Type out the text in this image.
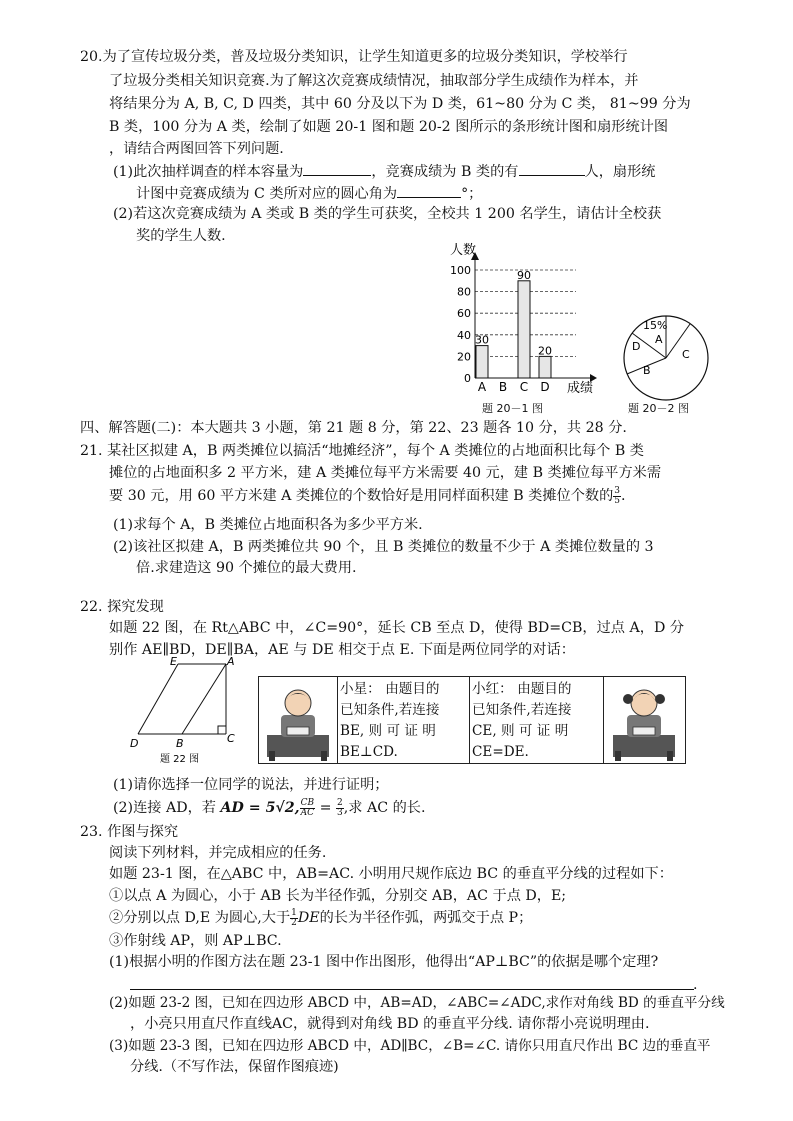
20.为了宣传垃圾分类，普及垃圾分类知识，让学生知道更多的垃圾分类知识，学校举行
了垃圾分类相关知识竞赛.为了解这次竞赛成绩情况，抽取部分学生成绩作为样本，并
将结果分为 A, B, C, D 四类，其中 60 分及以下为 D 类，61~80 分为 C 类， 81~99 分为
B 类，100 分为 A 类，绘制了如题 20-1 图和题 20-2 图所示的条形统计图和扇形统计图
，请结合两图回答下列问题.
(1)此次抽样调查的样本容量为	，竞赛成绩为 B 类的有	人，扇形统
计图中竞赛成绩为 C 类所对应的圆心角为	°；
(2)若这次竞赛成绩为 A 类或 B 类的学生可获奖，全校共 1 200 名学生，请估计全校获
奖的学生人数.
30
90
20
人数
成绩
0
20
40
60
80
100
A B C D
题 20－1 图
15%
A
B
C
D
题 20－2 图
四、解答题(二)：本大题共 3 小题，第 21 题 8 分，第 22、23 题各 10 分，共 28 分.
21. 某社区拟建 A，B 两类摊位以搞活“地摊经济”，每个 A 类摊位的占地面积比每个 B 类
摊位的占地面积多 2 平方米，建 A 类摊位每平方米需要 40 元，建 B 类摊位每平方米需
要 30 元，用 60 平方米建 A 类摊位的个数恰好是用同样面积建 B 类摊位个数的 $\frac{3}{5}$ .
(1)求每个 A，B 类摊位占地面积各为多少平方米.
(2)该社区拟建 A，B 两类摊位共 90 个，且 B 类摊位的数量不少于 A 类摊位数量的 3
倍.求建造这 90 个摊位的最大费用.
22. 探究发现
如题 22 图，在 Rt△ABC 中，∠C=90°，延长 CB 至点 D，使得 BD=CB，过点 A，D 分
别作 AE∥BD，DE∥BA，AE 与 DE 相交于点 E. 下面是两位同学的对话：
E	A
D	B	C
题 22 图
小星： 由题目的
已知条件,若连接
BE, 则 可 证 明
BE⊥CD.
小红： 由题目的
已知条件,若连接
CE, 则 可 证 明
CE=DE.
(1)请你选择一位同学的说法，并进行证明；
(2)连接 AD，若 AD = 5√2, $\frac{CB}{AC} = \frac{2}{3}$ ,求 AC 的长.
23. 作图与探究
阅读下列材料，并完成相应的任务.
如题 23-1 图，在△ABC 中，AB=AC. 小明用尺规作底边 BC 的垂直平分线的过程如下：
①以点 A 为圆心，小于 AB 长为半径作弧，分别交 AB，AC 于点 D，E;
②分别以点 D,E 为圆心,大于 $\frac{1}{2}$ DE的长为半径作弧，两弧交于点 P；
③作射线 AP，则 AP⊥BC.
(1)根据小明的作图方法在题 23-1 图中作出图形，他得出“AP⊥BC”的依据是哪个定理?
.
(2)如题 23-2 图，已知在四边形 ABCD 中，AB=AD，∠ABC=∠ADC,求作对角线 BD 的垂直平分线
，小亮只用直尺作直线AC，就得到对角线 BD 的垂直平分线. 请你帮小亮说明理由.
(3)如题 23-3 图，已知在四边形 ABCD 中，AD∥BC，∠B=∠C. 请你只用直尺作出 BC 边的垂直平
分线.（不写作法，保留作图痕迹)
